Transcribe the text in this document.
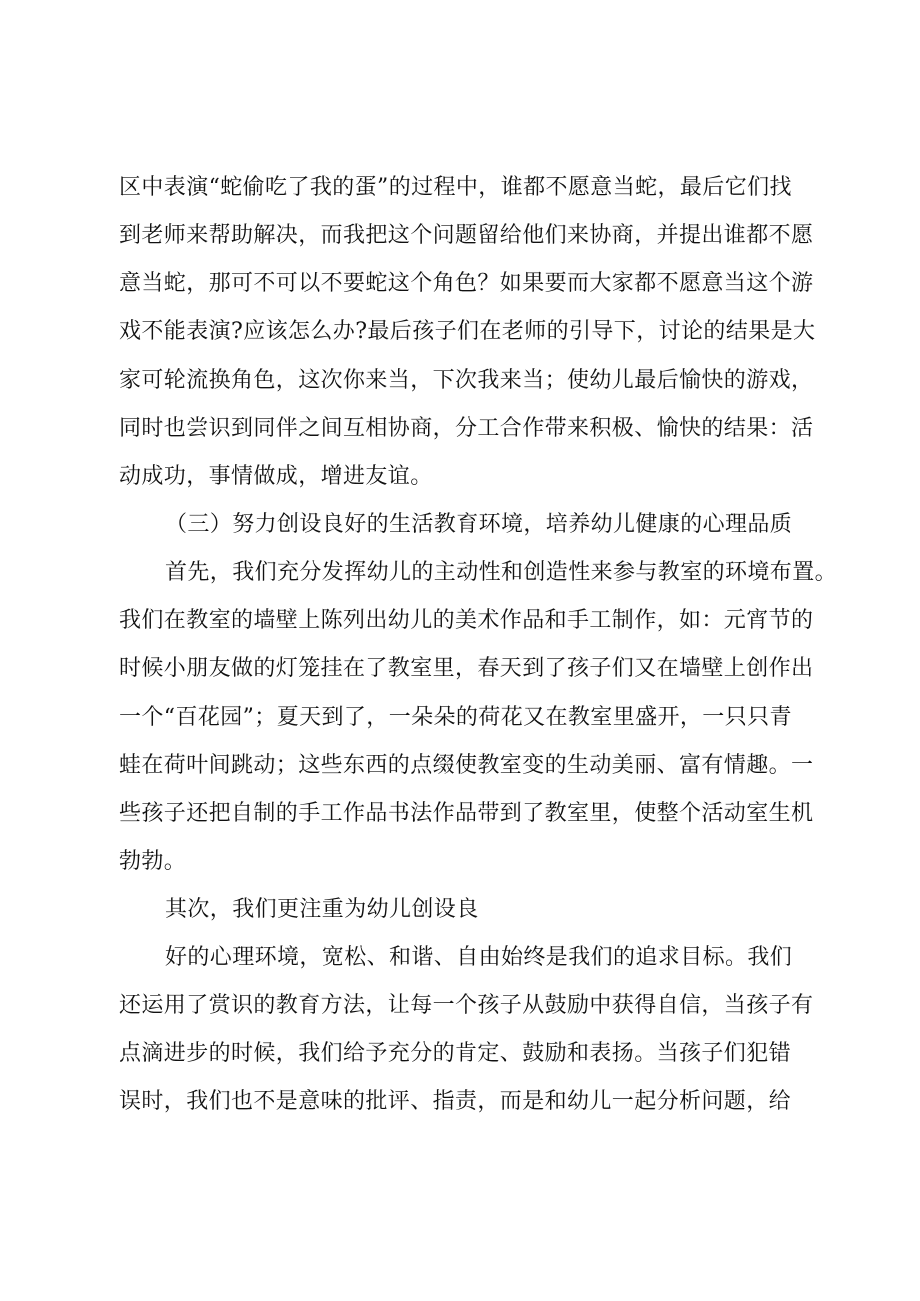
区中表演“蛇偷吃了我的蛋”的过程中，谁都不愿意当蛇，最后它们找
到老师来帮助解决，而我把这个问题留给他们来协商，并提出谁都不愿
意当蛇，那可不可以不要蛇这个角色？如果要而大家都不愿意当这个游
戏不能表演?应该怎么办?最后孩子们在老师的引导下，讨论的结果是大
家可轮流换角色，这次你来当，下次我来当；使幼儿最后愉快的游戏，
同时也尝识到同伴之间互相协商，分工合作带来积极、愉快的结果：活
动成功，事情做成，增进友谊。
（三）努力创设良好的生活教育环境，培养幼儿健康的心理品质
首先，我们充分发挥幼儿的主动性和创造性来参与教室的环境布置。
我们在教室的墙壁上陈列出幼儿的美术作品和手工制作，如：元宵节的
时候小朋友做的灯笼挂在了教室里，春天到了孩子们又在墙壁上创作出
一个“百花园”；夏天到了，一朵朵的荷花又在教室里盛开，一只只青
蛙在荷叶间跳动；这些东西的点缀使教室变的生动美丽、富有情趣。一
些孩子还把自制的手工作品书法作品带到了教室里，使整个活动室生机
勃勃。
其次，我们更注重为幼儿创设良
好的心理环境，宽松、和谐、自由始终是我们的追求目标。我们
还运用了赏识的教育方法，让每一个孩子从鼓励中获得自信，当孩子有
点滴进步的时候，我们给予充分的肯定、鼓励和表扬。当孩子们犯错
误时，我们也不是意味的批评、指责，而是和幼儿一起分析问题，给
